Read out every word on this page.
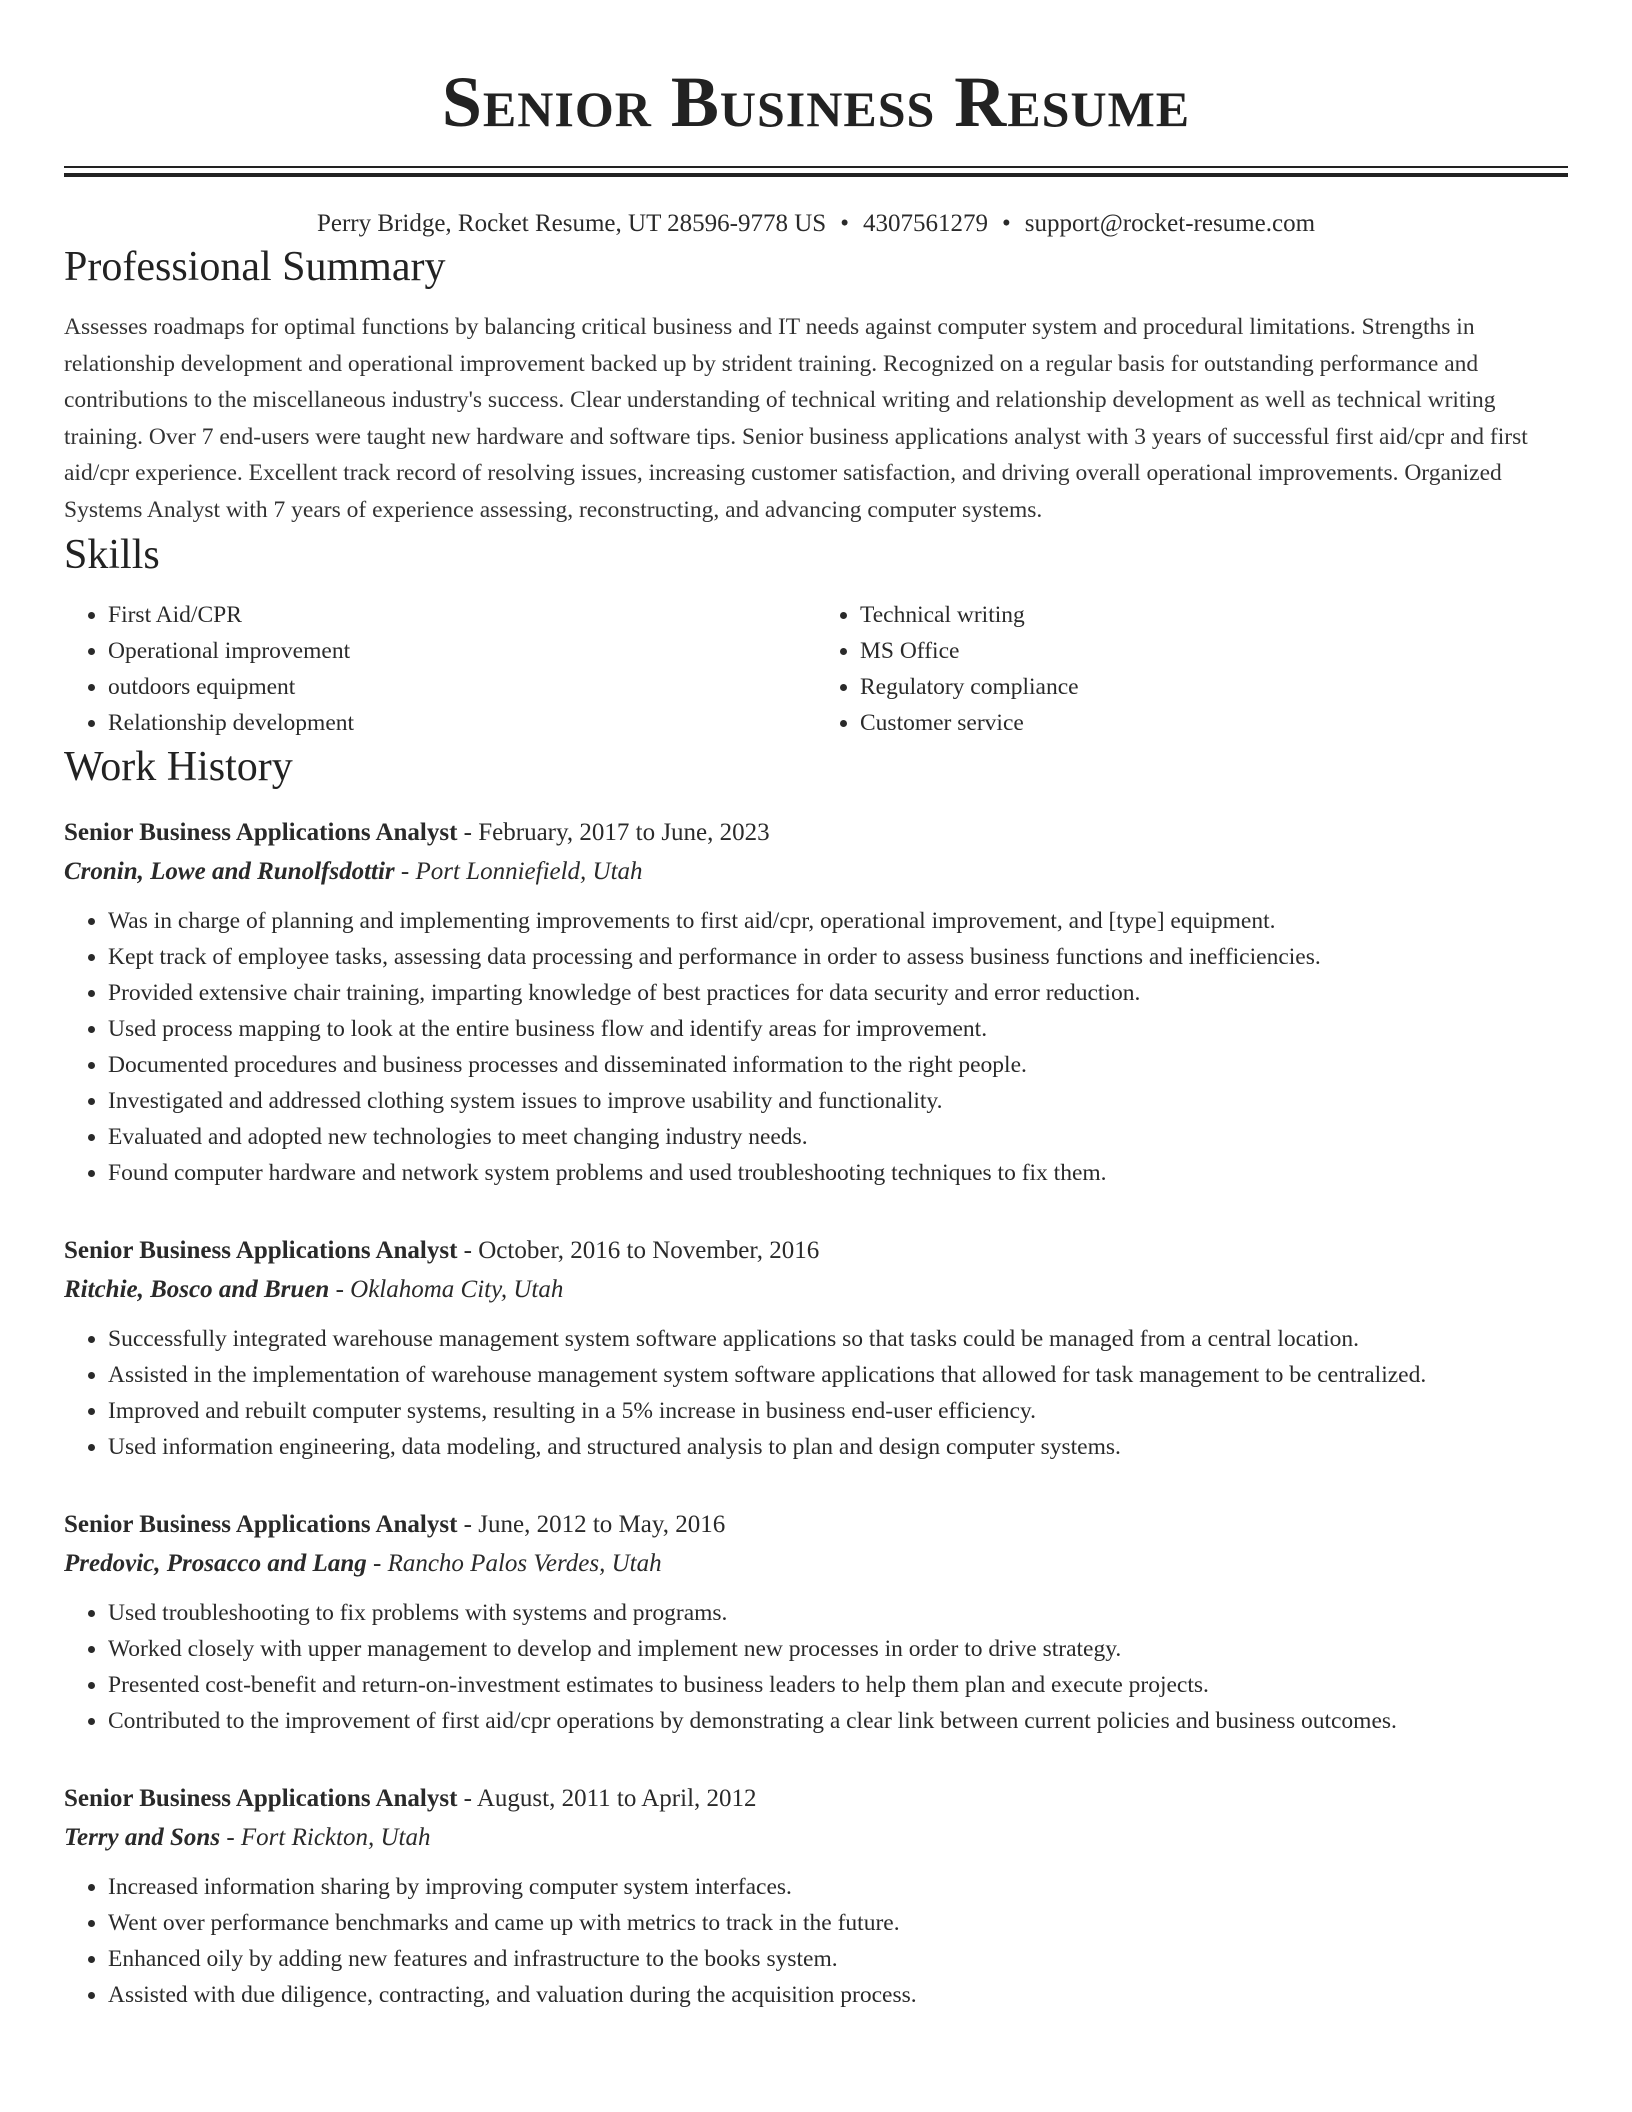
Senior Business Resume
Perry Bridge, Rocket Resume, UT 28596-9778 US • 4307561279 • support@rocket-resume.com
Professional Summary
Assesses roadmaps for optimal functions by balancing critical business and IT needs against computer system and procedural limitations. Strengths in relationship development and operational improvement backed up by strident training. Recognized on a regular basis for outstanding performance and contributions to the miscellaneous industry's success. Clear understanding of technical writing and relationship development as well as technical writing training. Over 7 end-users were taught new hardware and software tips. Senior business applications analyst with 3 years of successful first aid/cpr and first aid/cpr experience. Excellent track record of resolving issues, increasing customer satisfaction, and driving overall operational improvements. Organized Systems Analyst with 7 years of experience assessing, reconstructing, and advancing computer systems.
Skills
• First Aid/CPR
• Operational improvement
• outdoors equipment
• Relationship development
• Technical writing
• MS Office
• Regulatory compliance
• Customer service
Work History
Senior Business Applications Analyst - February, 2017 to June, 2023
Cronin, Lowe and Runolfsdottir - Port Lonniefield, Utah
• Was in charge of planning and implementing improvements to first aid/cpr, operational improvement, and [type] equipment.
• Kept track of employee tasks, assessing data processing and performance in order to assess business functions and inefficiencies.
• Provided extensive chair training, imparting knowledge of best practices for data security and error reduction.
• Used process mapping to look at the entire business flow and identify areas for improvement.
• Documented procedures and business processes and disseminated information to the right people.
• Investigated and addressed clothing system issues to improve usability and functionality.
• Evaluated and adopted new technologies to meet changing industry needs.
• Found computer hardware and network system problems and used troubleshooting techniques to fix them.
Senior Business Applications Analyst - October, 2016 to November, 2016
Ritchie, Bosco and Bruen - Oklahoma City, Utah
• Successfully integrated warehouse management system software applications so that tasks could be managed from a central location.
• Assisted in the implementation of warehouse management system software applications that allowed for task management to be centralized.
• Improved and rebuilt computer systems, resulting in a 5% increase in business end-user efficiency.
• Used information engineering, data modeling, and structured analysis to plan and design computer systems.
Senior Business Applications Analyst - June, 2012 to May, 2016
Predovic, Prosacco and Lang - Rancho Palos Verdes, Utah
• Used troubleshooting to fix problems with systems and programs.
• Worked closely with upper management to develop and implement new processes in order to drive strategy.
• Presented cost-benefit and return-on-investment estimates to business leaders to help them plan and execute projects.
• Contributed to the improvement of first aid/cpr operations by demonstrating a clear link between current policies and business outcomes.
Senior Business Applications Analyst - August, 2011 to April, 2012
Terry and Sons - Fort Rickton, Utah
• Increased information sharing by improving computer system interfaces.
• Went over performance benchmarks and came up with metrics to track in the future.
• Enhanced oily by adding new features and infrastructure to the books system.
• Assisted with due diligence, contracting, and valuation during the acquisition process.
